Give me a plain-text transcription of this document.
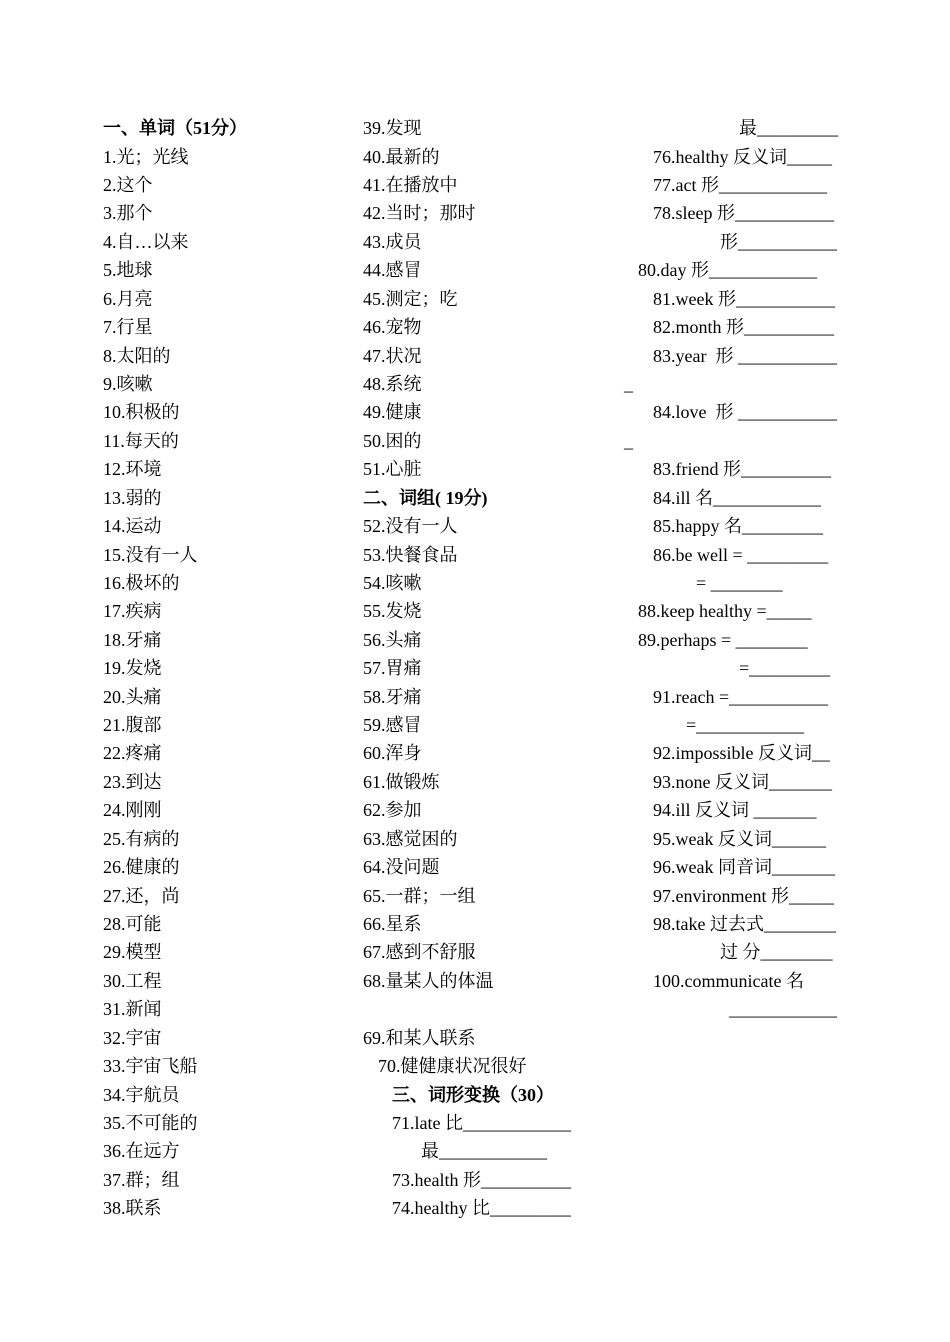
一、单词（51分）
1.光；光线
2.这个
3.那个
4.自…以来
5.地球
6.月亮
7.行星
8.太阳的
9.咳嗽
10.积极的
11.每天的
12.环境
13.弱的
14.运动
15.没有一人
16.极坏的
17.疾病
18.牙痛
19.发烧
20.头痛
21.腹部
22.疼痛
23.到达
24.刚刚
25.有病的
26.健康的
27.还，尚
28.可能
29.模型
30.工程
31.新闻
32.宇宙
33.宇宙飞船
34.宇航员
35.不可能的
36.在远方
37.群；组
38.联系
39.发现
40.最新的
41.在播放中
42.当时；那时
43.成员
44.感冒
45.测定；吃
46.宠物
47.状况
48.系统
49.健康
50.困的
51.心脏
二、词组( 19分)
52.没有一人
53.快餐食品
54.咳嗽
55.发烧
56.头痛
57.胃痛
58.牙痛
59.感冒
60.浑身
61.做锻炼
62.参加
63.感觉困的
64.没问题
65.一群；一组
66.星系
67.感到不舒服
68.量某人的体温
69.和某人联系
70.健健康状况很好
三、词形变换（30）
71.late 比____________
最____________
73.health 形__________
74.healthy 比_________
最_________
76.healthy 反义词_____
77.act 形____________
78.sleep 形___________
形___________
80.day 形____________
81.week 形___________
82.month 形__________
83.year  形 ___________
_
84.love  形 ___________
_
83.friend 形__________
84.ill 名____________
85.happy 名_________
86.be well = _________
= ________
88.keep healthy =_____
89.perhaps = ________
=_________
91.reach =___________
=____________
92.impossible 反义词__
93.none 反义词_______
94.ill 反义词 _______
95.weak 反义词______
96.weak 同音词_______
97.environment 形_____
98.take 过去式________
过 分________
100.communicate 名
____________
